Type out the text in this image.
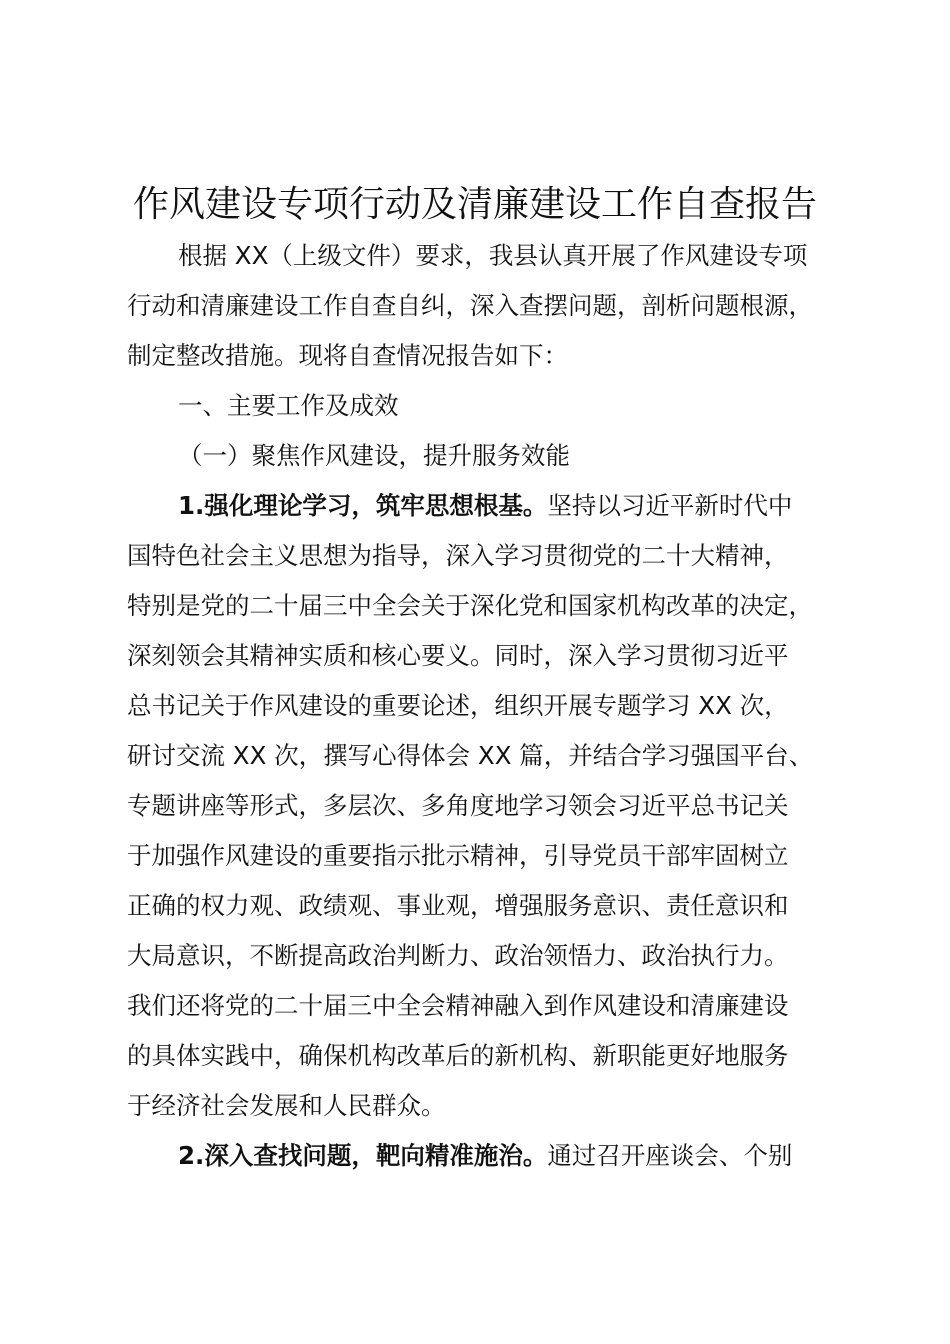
作风建设专项行动及清廉建设工作自查报告
根据 XX（上级文件）要求，我县认真开展了作风建设专项
行动和清廉建设工作自查自纠，深入查摆问题，剖析问题根源，
制定整改措施。现将自查情况报告如下：
一、主要工作及成效
（一）聚焦作风建设，提升服务效能
1.强化理论学习，筑牢思想根基。坚持以习近平新时代中
国特色社会主义思想为指导，深入学习贯彻党的二十大精神，
特别是党的二十届三中全会关于深化党和国家机构改革的决定，
深刻领会其精神实质和核心要义。同时，深入学习贯彻习近平
总书记关于作风建设的重要论述，组织开展专题学习 XX 次，
研讨交流 XX 次，撰写心得体会 XX 篇，并结合学习强国平台、
专题讲座等形式，多层次、多角度地学习领会习近平总书记关
于加强作风建设的重要指示批示精神，引导党员干部牢固树立
正确的权力观、政绩观、事业观，增强服务意识、责任意识和
大局意识，不断提高政治判断力、政治领悟力、政治执行力。
我们还将党的二十届三中全会精神融入到作风建设和清廉建设
的具体实践中，确保机构改革后的新机构、新职能更好地服务
于经济社会发展和人民群众。
2.深入查找问题，靶向精准施治。通过召开座谈会、个别
